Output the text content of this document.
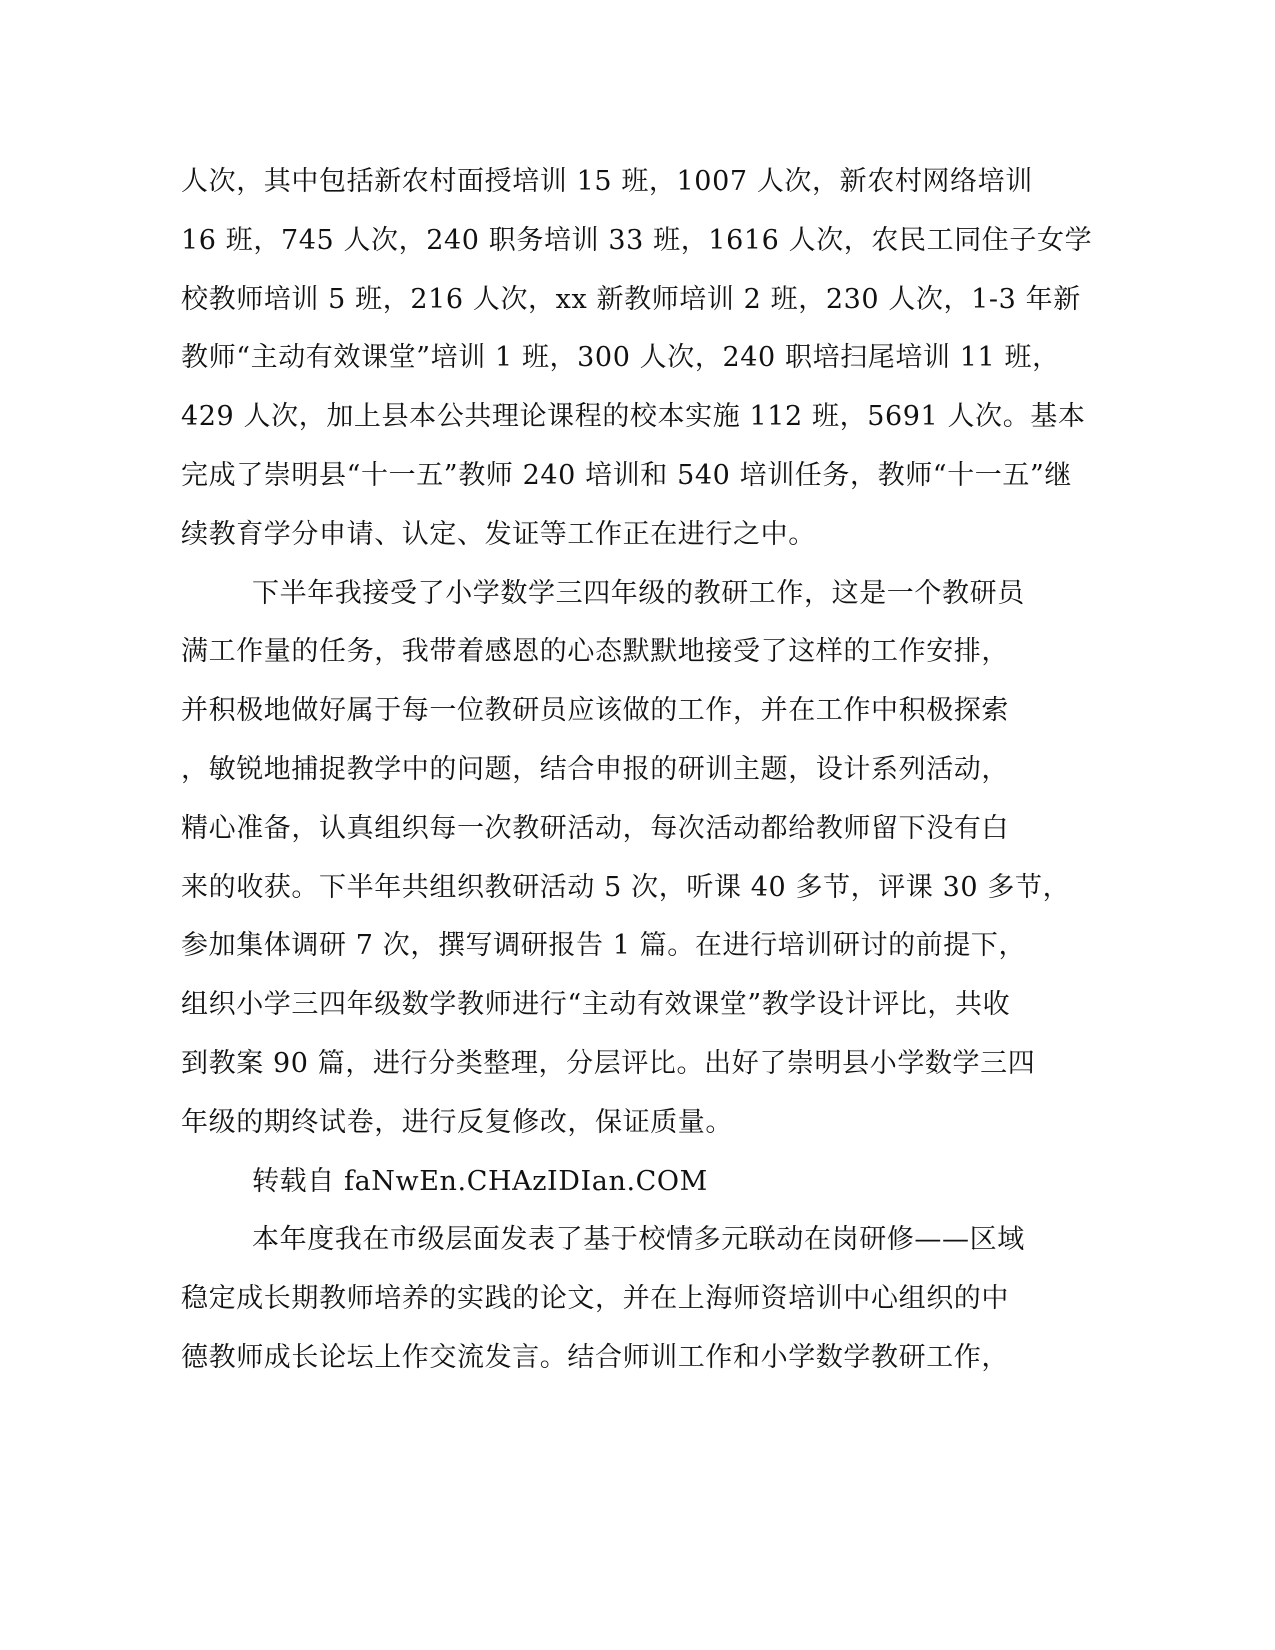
人次，其中包括新农村面授培训 15 班，1007 人次，新农村网络培训
16 班，745 人次，240 职务培训 33 班，1616 人次，农民工同住子女学
校教师培训 5 班，216 人次，xx 新教师培训 2 班，230 人次，1-3 年新
教师“主动有效课堂”培训 1 班，300 人次，240 职培扫尾培训 11 班，
429 人次，加上县本公共理论课程的校本实施 112 班，5691 人次。基本
完成了崇明县“十一五”教师 240 培训和 540 培训任务，教师“十一五”继
续教育学分申请、认定、发证等工作正在进行之中。
下半年我接受了小学数学三四年级的教研工作，这是一个教研员
满工作量的任务，我带着感恩的心态默默地接受了这样的工作安排，
并积极地做好属于每一位教研员应该做的工作，并在工作中积极探索
，敏锐地捕捉教学中的问题，结合申报的研训主题，设计系列活动，
精心准备，认真组织每一次教研活动，每次活动都给教师留下没有白
来的收获。下半年共组织教研活动 5 次，听课 40 多节，评课 30 多节，
参加集体调研 7 次，撰写调研报告 1 篇。在进行培训研讨的前提下，
组织小学三四年级数学教师进行“主动有效课堂”教学设计评比，共收
到教案 90 篇，进行分类整理，分层评比。出好了崇明县小学数学三四
年级的期终试卷，进行反复修改，保证质量。
转载自 faNwEn.CHAzIDIan.COM
本年度我在市级层面发表了基于校情多元联动在岗研修——区域
稳定成长期教师培养的实践的论文，并在上海师资培训中心组织的中
德教师成长论坛上作交流发言。结合师训工作和小学数学教研工作，
